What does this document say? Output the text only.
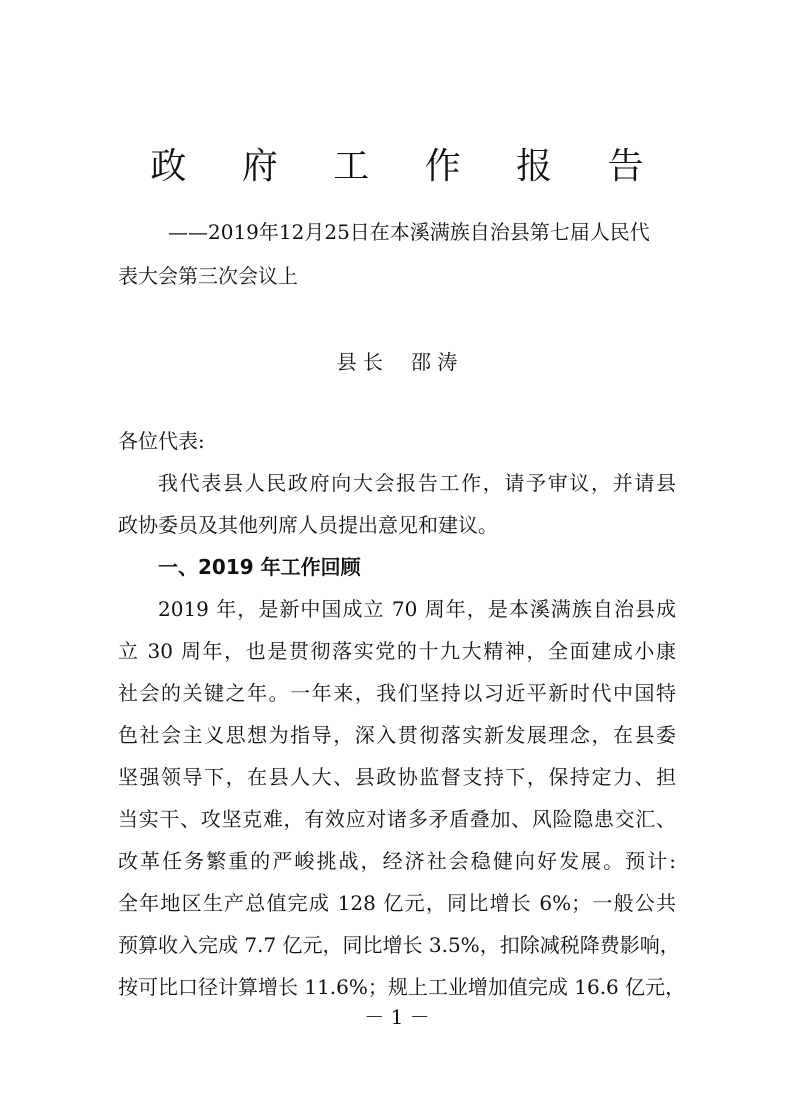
政 府 工 作 报 告
——2019年12月25日在本溪满族自治县第七届人民代
表大会第三次会议上
县 长 邵 涛

各位代表:

我代表县人民政府向大会报告工作，请予审议，并请县
政协委员及其他列席人员提出意见和建议。

一、2019 年工作回顾

2019 年，是新中国成立 70 周年，是本溪满族自治县成
立 30 周年，也是贯彻落实党的十九大精神，全面建成小康
社会的关键之年。一年来，我们坚持以习近平新时代中国特
色社会主义思想为指导，深入贯彻落实新发展理念，在县委
坚强领导下，在县人大、县政协监督支持下，保持定力、担
当实干、攻坚克难，有效应对诸多矛盾叠加、风险隐患交汇、
改革任务繁重的严峻挑战，经济社会稳健向好发展。预计:
全年地区生产总值完成 128 亿元，同比增长 6%；一般公共
预算收入完成 7.7 亿元，同比增长 3.5%，扣除减税降费影响，
按可比口径计算增长 11.6%；规上工业增加值完成 16.6 亿元，
－ 1 －
